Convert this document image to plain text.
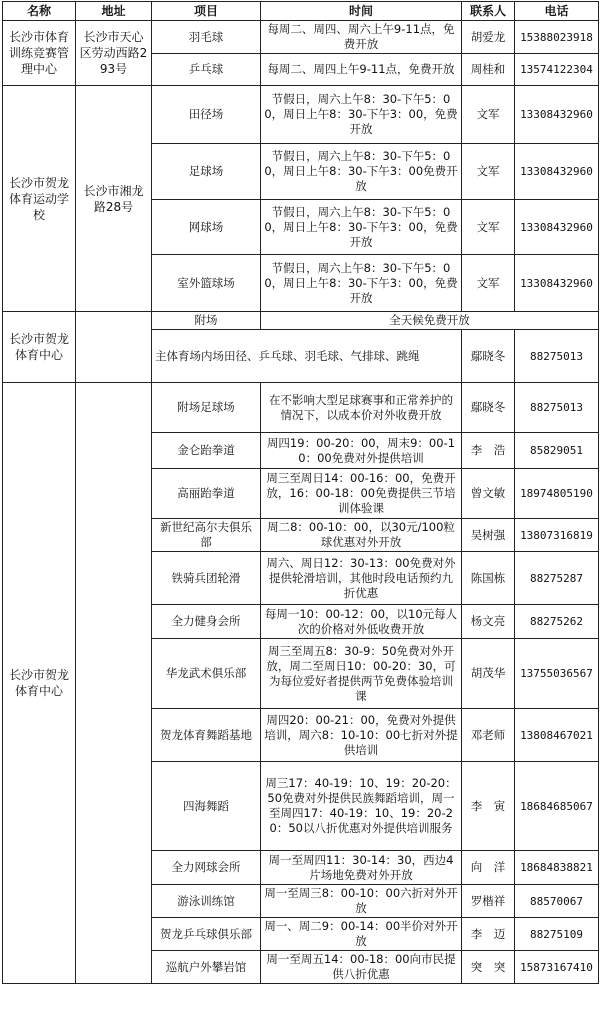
名称	地址	项目	时间	联系人	电话
长沙市体育训练竞赛管理中心	长沙市天心区劳动西路293号	羽毛球	每周二、周四、周六上午9-11点，免费开放	胡爱龙	15388023918
		乒乓球	每周二、周四上午9-11点，免费开放	周桂和	13574122304
长沙市贺龙体育运动学校	长沙市湘龙路28号	田径场	节假日，周六上午8：30-下午5：00，周日上午8：30-下午3：00，免费开放	文军	13308432960
		足球场	节假日，周六上午8：30-下午5：00，周日上午8：30-下午3：00免费开放	文军	13308432960
		网球场	节假日，周六上午8：30-下午5：00，周日上午8：30-下午3：00，免费开放	文军	13308432960
		室外篮球场	节假日，周六上午8：30-下午5：00，周日上午8：30-下午3：00，免费开放	文军	13308432960
长沙市贺龙体育中心		附场	全天候免费开放		
		主体育场内场田径、乒乓球、羽毛球、气排球、跳绳		鄢晓冬	88275013
长沙市贺龙体育中心		附场足球场	在不影响大型足球赛事和正常养护的情况下，以成本价对外收费开放	鄢晓冬	88275013
		金仑跆拳道	周四19：00-20：00，周末9：00-10：00免费对外提供培训	李　浩	85829051
		高丽跆拳道	周三至周日14：00-16：00，免费开放，16：00-18：00免费提供三节培训体验课	曾文敏	18974805190
		新世纪高尔夫俱乐部	周二8：00-10：00，以30元/100粒球优惠对外开放	吴树强	13807316819
		铁骑兵团轮滑	周六、周日12：30-13：00免费对外提供轮滑培训，其他时段电话预约九折优惠	陈国栋	88275287
		全力健身会所	每周一10：00-12：00，以10元每人次的价格对外低收费开放	杨文亮	88275262
		华龙武术俱乐部	周三至周五8：30-9：50免费对外开放，周二至周日10：00-20：30，可为每位爱好者提供两节免费体验培训课	胡茂华	13755036567
		贺龙体育舞蹈基地	周四20：00-21：00，免费对外提供培训，周六8：10-10：00七折对外提供培训	邓老师	13808467021
		四海舞蹈	周三17：40-19：10、19：20-20：50免费对外提供民族舞蹈培训，周一至周四17：40-19：10、19：20-20：50以八折优惠对外提供培训服务	李　寅	18684685067
		全力网球会所	周一至周四11：30-14：30，西边4片场地免费对外开放	向　洋	18684838821
		游泳训练馆	周一至周三8：00-10：00六折对外开放	罗楷祥	88570067
		贺龙乒乓球俱乐部	周一、周二9：00-14：00半价对外开放	李　迈	88275109
		巡航户外攀岩馆	周一至周五14：00-18：00向市民提供八折优惠	突　突	15873167410
